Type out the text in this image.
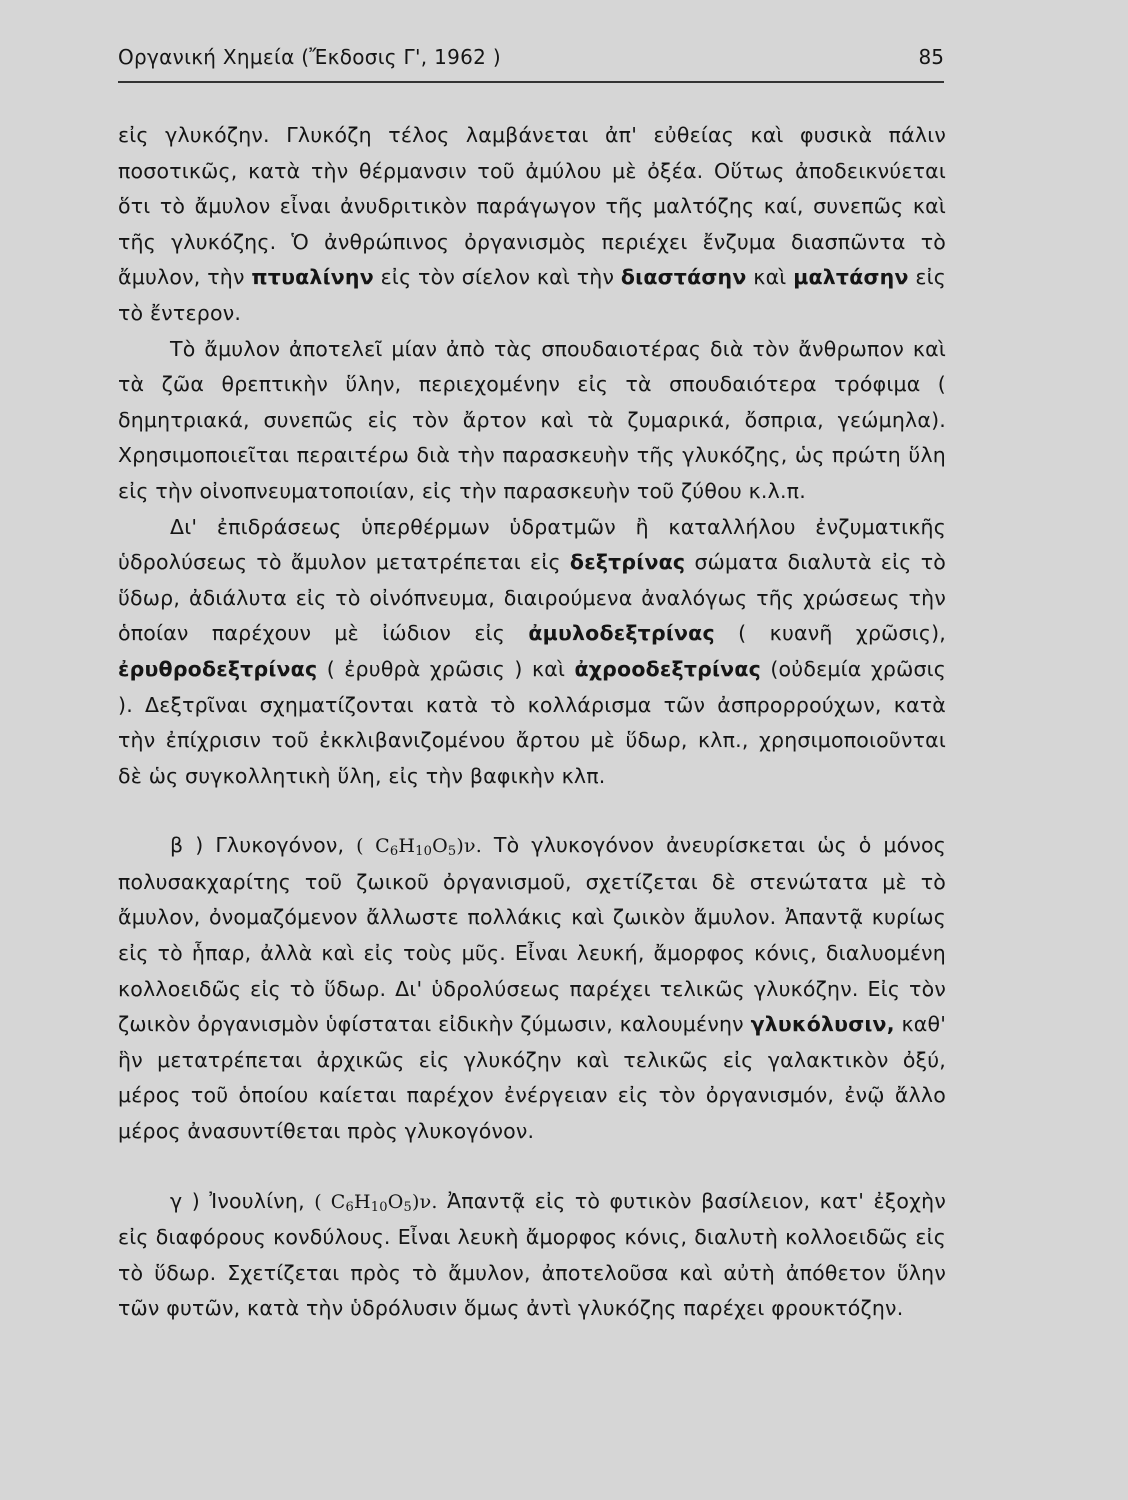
Οργανική Χημεία (Ἔκδοσις Γ', 1962 )	85

εἰς γλυκόζην. Γλυκόζη τέλος λαμβάνεται ἀπ' εὐθείας καὶ φυσικὰ πάλιν ποσοτικῶς, κατὰ τὴν θέρμανσιν τοῦ ἀμύλου μὲ ὀξέα. Οὕτως ἀποδεικνύεται ὅτι τὸ ἄμυλον εἶναι ἀνυδριτικὸν παράγωγον τῆς μαλτόζης καί, συνεπῶς καὶ τῆς γλυκόζης. Ὁ ἀνθρώπινος ὀργανισμὸς περιέχει ἔνζυμα διασπῶντα τὸ ἄμυλον, τὴν πτυαλίνην εἰς τὸν σίελον καὶ τὴν διαστάσην καὶ μαλτάσην εἰς τὸ ἔντερον.

Τὸ ἄμυλον ἀποτελεῖ μίαν ἀπὸ τὰς σπουδαιοτέρας διὰ τὸν ἄνθρωπον καὶ τὰ ζῶα θρεπτικὴν ὕλην, περιεχομένην εἰς τὰ σπουδαιότερα τρόφιμα ( δημητριακά, συνεπῶς εἰς τὸν ἄρτον καὶ τὰ ζυμαρικά, ὄσπρια, γεώμηλα). Χρησιμοποιεῖται περαιτέρω διὰ τὴν παρασκευὴν τῆς γλυκόζης, ὡς πρώτη ὕλη εἰς τὴν οἰνοπνευματοποιίαν, εἰς τὴν παρασκευὴν τοῦ ζύθου κ.λ.π.

Δι' ἐπιδράσεως ὑπερθέρμων ὑδρατμῶν ἢ καταλλήλου ἐνζυματικῆς ὑδρολύσεως τὸ ἄμυλον μετατρέπεται εἰς δεξτρίνας σώματα διαλυτὰ εἰς τὸ ὕδωρ, ἀδιάλυτα εἰς τὸ οἰνόπνευμα, διαιρούμενα ἀναλόγως τῆς χρώσεως τὴν ὁποίαν παρέχουν μὲ ἰώδιον εἰς ἀμυλοδεξτρίνας ( κυανῆ χρῶσις), ἐρυθροδεξτρίνας ( ἐρυθρὰ χρῶσις ) καὶ ἀχροοδεξτρίνας (οὐδεμία χρῶσις ). Δεξτρῖναι σχηματίζονται κατὰ τὸ κολλάρισμα τῶν ἀσπρορρούχων, κατὰ τὴν ἐπίχρισιν τοῦ ἐκκλιβανιζομένου ἄρτου μὲ ὕδωρ, κλπ., χρησιμοποιοῦνται δὲ ὡς συγκολλητικὴ ὕλη, εἰς τὴν βαφικὴν κλπ.

β ) Γλυκογόνον, ( $C_6H_{10}O_5)\nu$. Τὸ γλυκογόνον ἀνευρίσκεται ὡς ὁ μόνος πολυσακχαρίτης τοῦ ζωικοῦ ὀργανισμοῦ, σχετίζεται δὲ στενώτατα μὲ τὸ ἄμυλον, ὀνομαζόμενον ἄλλωστε πολλάκις καὶ ζωικὸν ἄμυλον. Ἀπαντᾷ κυρίως εἰς τὸ ἧπαρ, ἀλλὰ καὶ εἰς τοὺς μῦς. Εἶναι λευκή, ἄμορφος κόνις, διαλυομένη κολλοειδῶς εἰς τὸ ὕδωρ. Δι' ὑδρολύσεως παρέχει τελικῶς γλυκόζην. Εἰς τὸν ζωικὸν ὀργανισμὸν ὑφίσταται εἰδικὴν ζύμωσιν, καλουμένην γλυκόλυσιν, καθ' ἣν μετατρέπεται ἀρχικῶς εἰς γλυκόζην καὶ τελικῶς εἰς γαλακτικὸν ὀξύ, μέρος τοῦ ὁποίου καίεται παρέχον ἐνέργειαν εἰς τὸν ὀργανισμόν, ἐνῷ ἄλλο μέρος ἀνασυντίθεται πρὸς γλυκογόνον.

γ ) Ἰνουλίνη, ( $C_6H_{10}O_5)\nu$. Ἀπαντᾷ εἰς τὸ φυτικὸν βασίλειον, κατ' ἐξοχὴν εἰς διαφόρους κονδύλους. Εἶναι λευκὴ ἄμορφος κόνις, διαλυτὴ κολλοειδῶς εἰς τὸ ὕδωρ. Σχετίζεται πρὸς τὸ ἄμυλον, ἀποτελοῦσα καὶ αὐτὴ ἀπόθετον ὕλην τῶν φυτῶν, κατὰ τὴν ὑδρόλυσιν ὅμως ἀντὶ γλυκόζης παρέχει φρουκτόζην.
